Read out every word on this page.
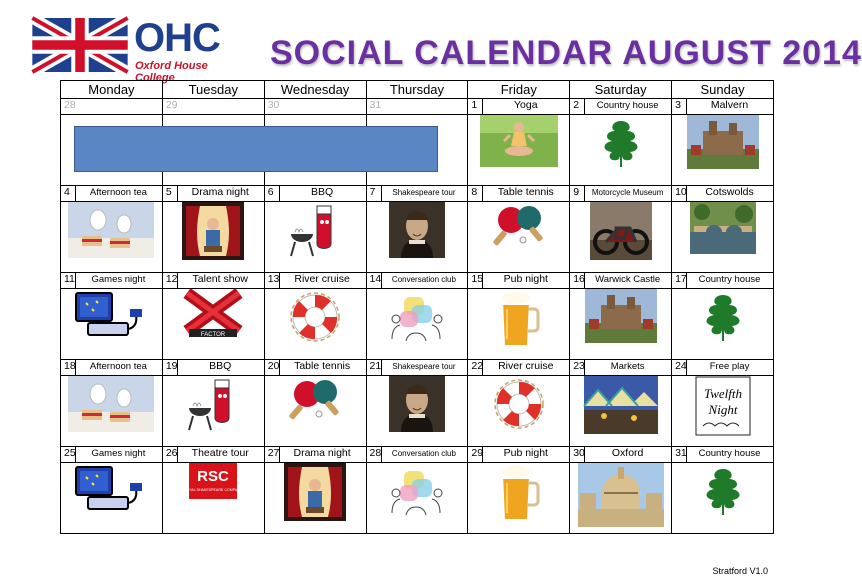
OHC
Oxford House College
SOCIAL CALENDAR AUGUST 2014
Monday	Tuesday	Wednesday	Thursday	Friday	Saturday	Sunday

28	29	30	31	1 Yoga	2 Country house	3 Malvern

4 Afternoon tea	5 Drama night	6 BBQ	7 Shakespeare tour	8 Table tennis	9 Motorcycle Museum	10 Cotswolds

11 Games night	12 Talent show	13 River cruise	14 Conversation club	15 Pub night	16 Warwick Castle	17 Country house

FACTOR

18 Afternoon tea	19 BBQ	20 Table tennis	21 Shakespeare tour	22 River cruise	23 Markets	24 Free play

Twelfth
Night

25 Games night	26 Theatre tour	27 Drama night	28 Conversation club	29 Pub night	30 Oxford	31 Country house

RSC
ROYAL SHAKESPEARE COMPANY

Stratford V1.0
